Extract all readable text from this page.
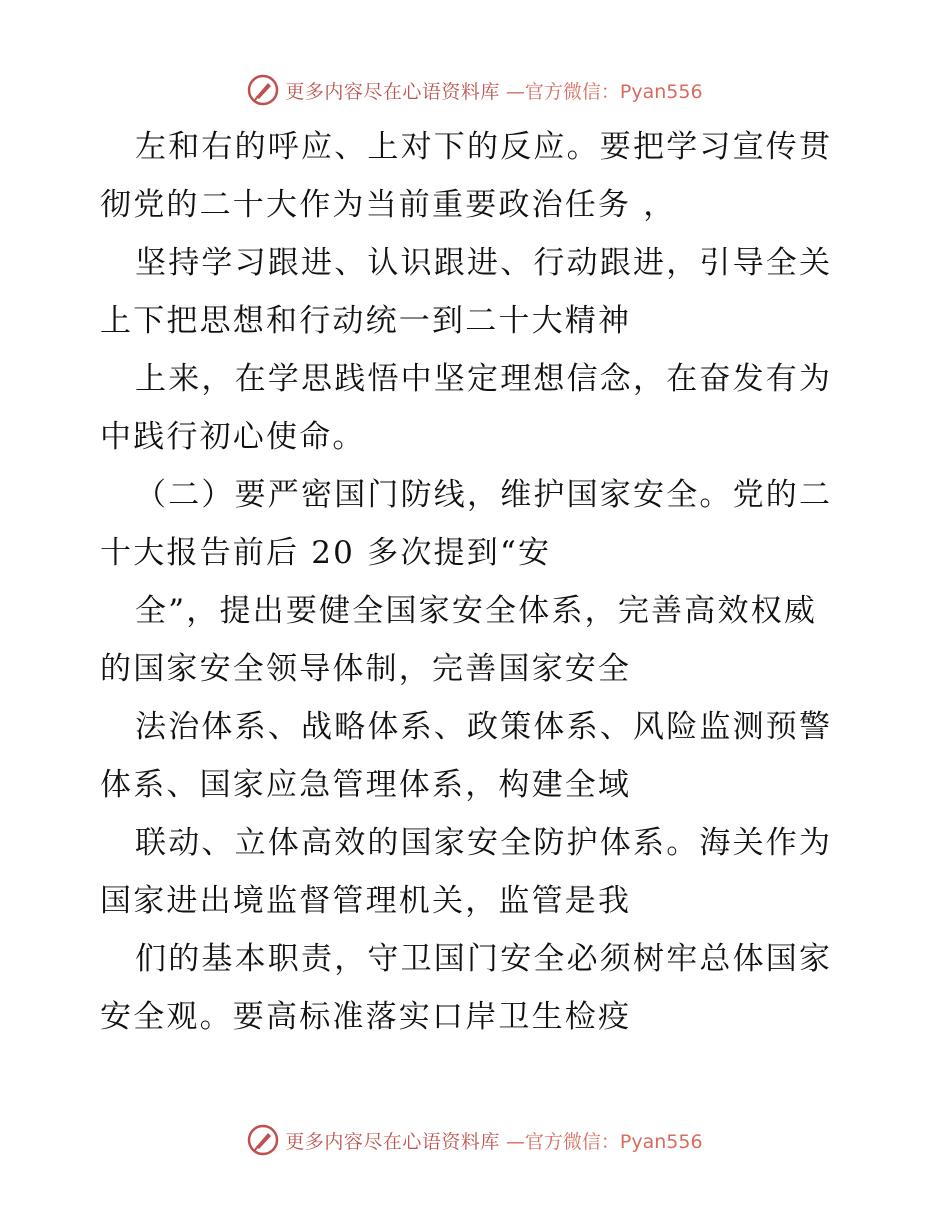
更多内容尽在心语资料库 —官方微信：Pyan556
左和右的呼应、上对下的反应。要把学习宣传贯
彻党的二十大作为当前重要政治任务 ，
坚持学习跟进、认识跟进、行动跟进，引导全关
上下把思想和行动统一到二十大精神
上来，在学思践悟中坚定理想信念，在奋发有为
中践行初心使命。
（二）要严密国门防线，维护国家安全。党的二
十大报告前后 20 多次提到“安
全”，提出要健全国家安全体系，完善高效权威
的国家安全领导体制，完善国家安全
法治体系、战略体系、政策体系、风险监测预警
体系、国家应急管理体系，构建全域
联动、立体高效的国家安全防护体系。海关作为
国家进出境监督管理机关，监管是我
们的基本职责，守卫国门安全必须树牢总体国家
安全观。要高标准落实口岸卫生检疫
更多内容尽在心语资料库 —官方微信：Pyan556
